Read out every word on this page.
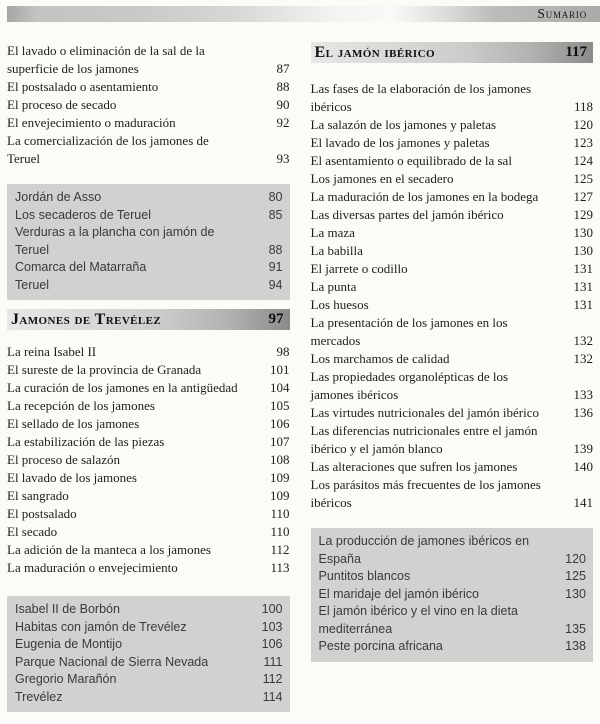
Sumario
El lavado o eliminación de la sal de la superficie de los jamones	87
El postsalado o asentamiento	88
El proceso de secado	90
El envejecimiento o maduración	92
La comercialización de los jamones de Teruel	93
Jordán de Asso	80
Los secaderos de Teruel	85
Verduras a la plancha con jamón de Teruel	88
Comarca del Matarraña	91
Teruel	94
Jamones de Trevélez	97
La reina Isabel II	98
El sureste de la provincia de Granada	101
La curación de los jamones en la antigüedad	104
La recepción de los jamones	105
El sellado de los jamones	106
La estabilización de las piezas	107
El proceso de salazón	108
El lavado de los jamones	109
El sangrado	109
El postsalado	110
El secado	110
La adición de la manteca a los jamones	112
La maduración o envejecimiento	113
Isabel II de Borbón	100
Habitas con jamón de Trevélez	103
Eugenia de Montijo	106
Parque Nacional de Sierra Nevada	111
Gregorio Marañón	112
Trevélez	114
El jamón ibérico	117
Las fases de la elaboración de los jamones ibéricos	118
La salazón de los jamones y paletas	120
El lavado de los jamones y paletas	123
El asentamiento o equilibrado de la sal	124
Los jamones en el secadero	125
La maduración de los jamones en la bodega	127
Las diversas partes del jamón ibérico	129
La maza	130
La babilla	130
El jarrete o codillo	131
La punta	131
Los huesos	131
La presentación de los jamones en los mercados	132
Los marchamos de calidad	132
Las propiedades organolépticas de los jamones ibéricos	133
Las virtudes nutricionales del jamón ibérico	136
Las diferencias nutricionales entre el jamón ibérico y el jamón blanco	139
Las alteraciones que sufren los jamones	140
Los parásitos más frecuentes de los jamones ibéricos	141
La producción de jamones ibéricos en España	120
Puntitos blancos	125
El maridaje del jamón ibérico	130
El jamón ibérico y el vino en la dieta mediterránea	135
Peste porcina africana	138
